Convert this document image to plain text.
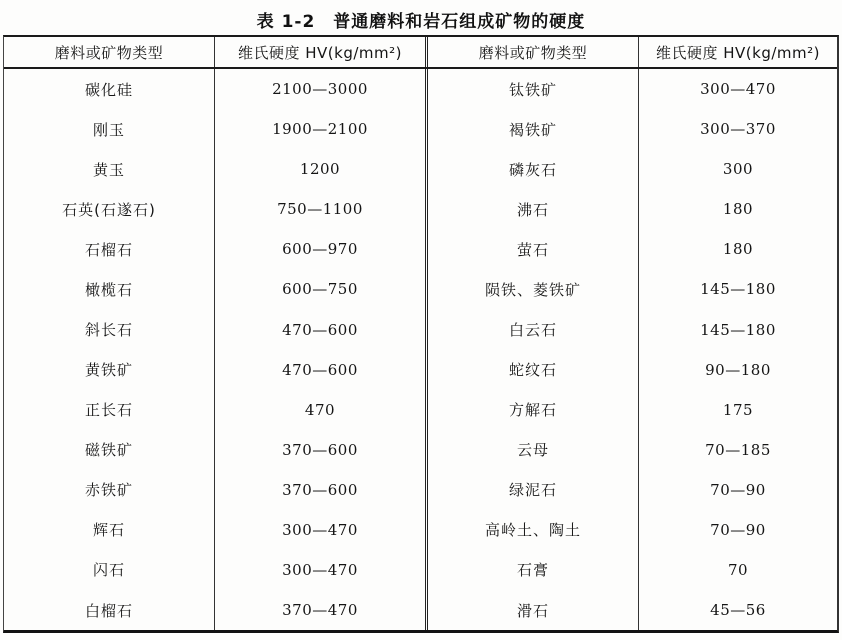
表 1-2　普通磨料和岩石组成矿物的硬度
磨料或矿物类型	维氏硬度 HV(kg/mm²)	磨料或矿物类型	维氏硬度 HV(kg/mm²)
碳化硅	2100—3000	钛铁矿	300—470
刚玉	1900—2100	褐铁矿	300—370
黄玉	1200	磷灰石	300
石英(石遂石)	750—1100	沸石	180
石榴石	600—970	萤石	180
橄榄石	600—750	陨铁、菱铁矿	145—180
斜长石	470—600	白云石	145—180
黄铁矿	470—600	蛇纹石	90—180
正长石	470	方解石	175
磁铁矿	370—600	云母	70—185
赤铁矿	370—600	绿泥石	70—90
辉石	300—470	高岭土、陶土	70—90
闪石	300—470	石膏	70
白榴石	370—470	滑石	45—56
